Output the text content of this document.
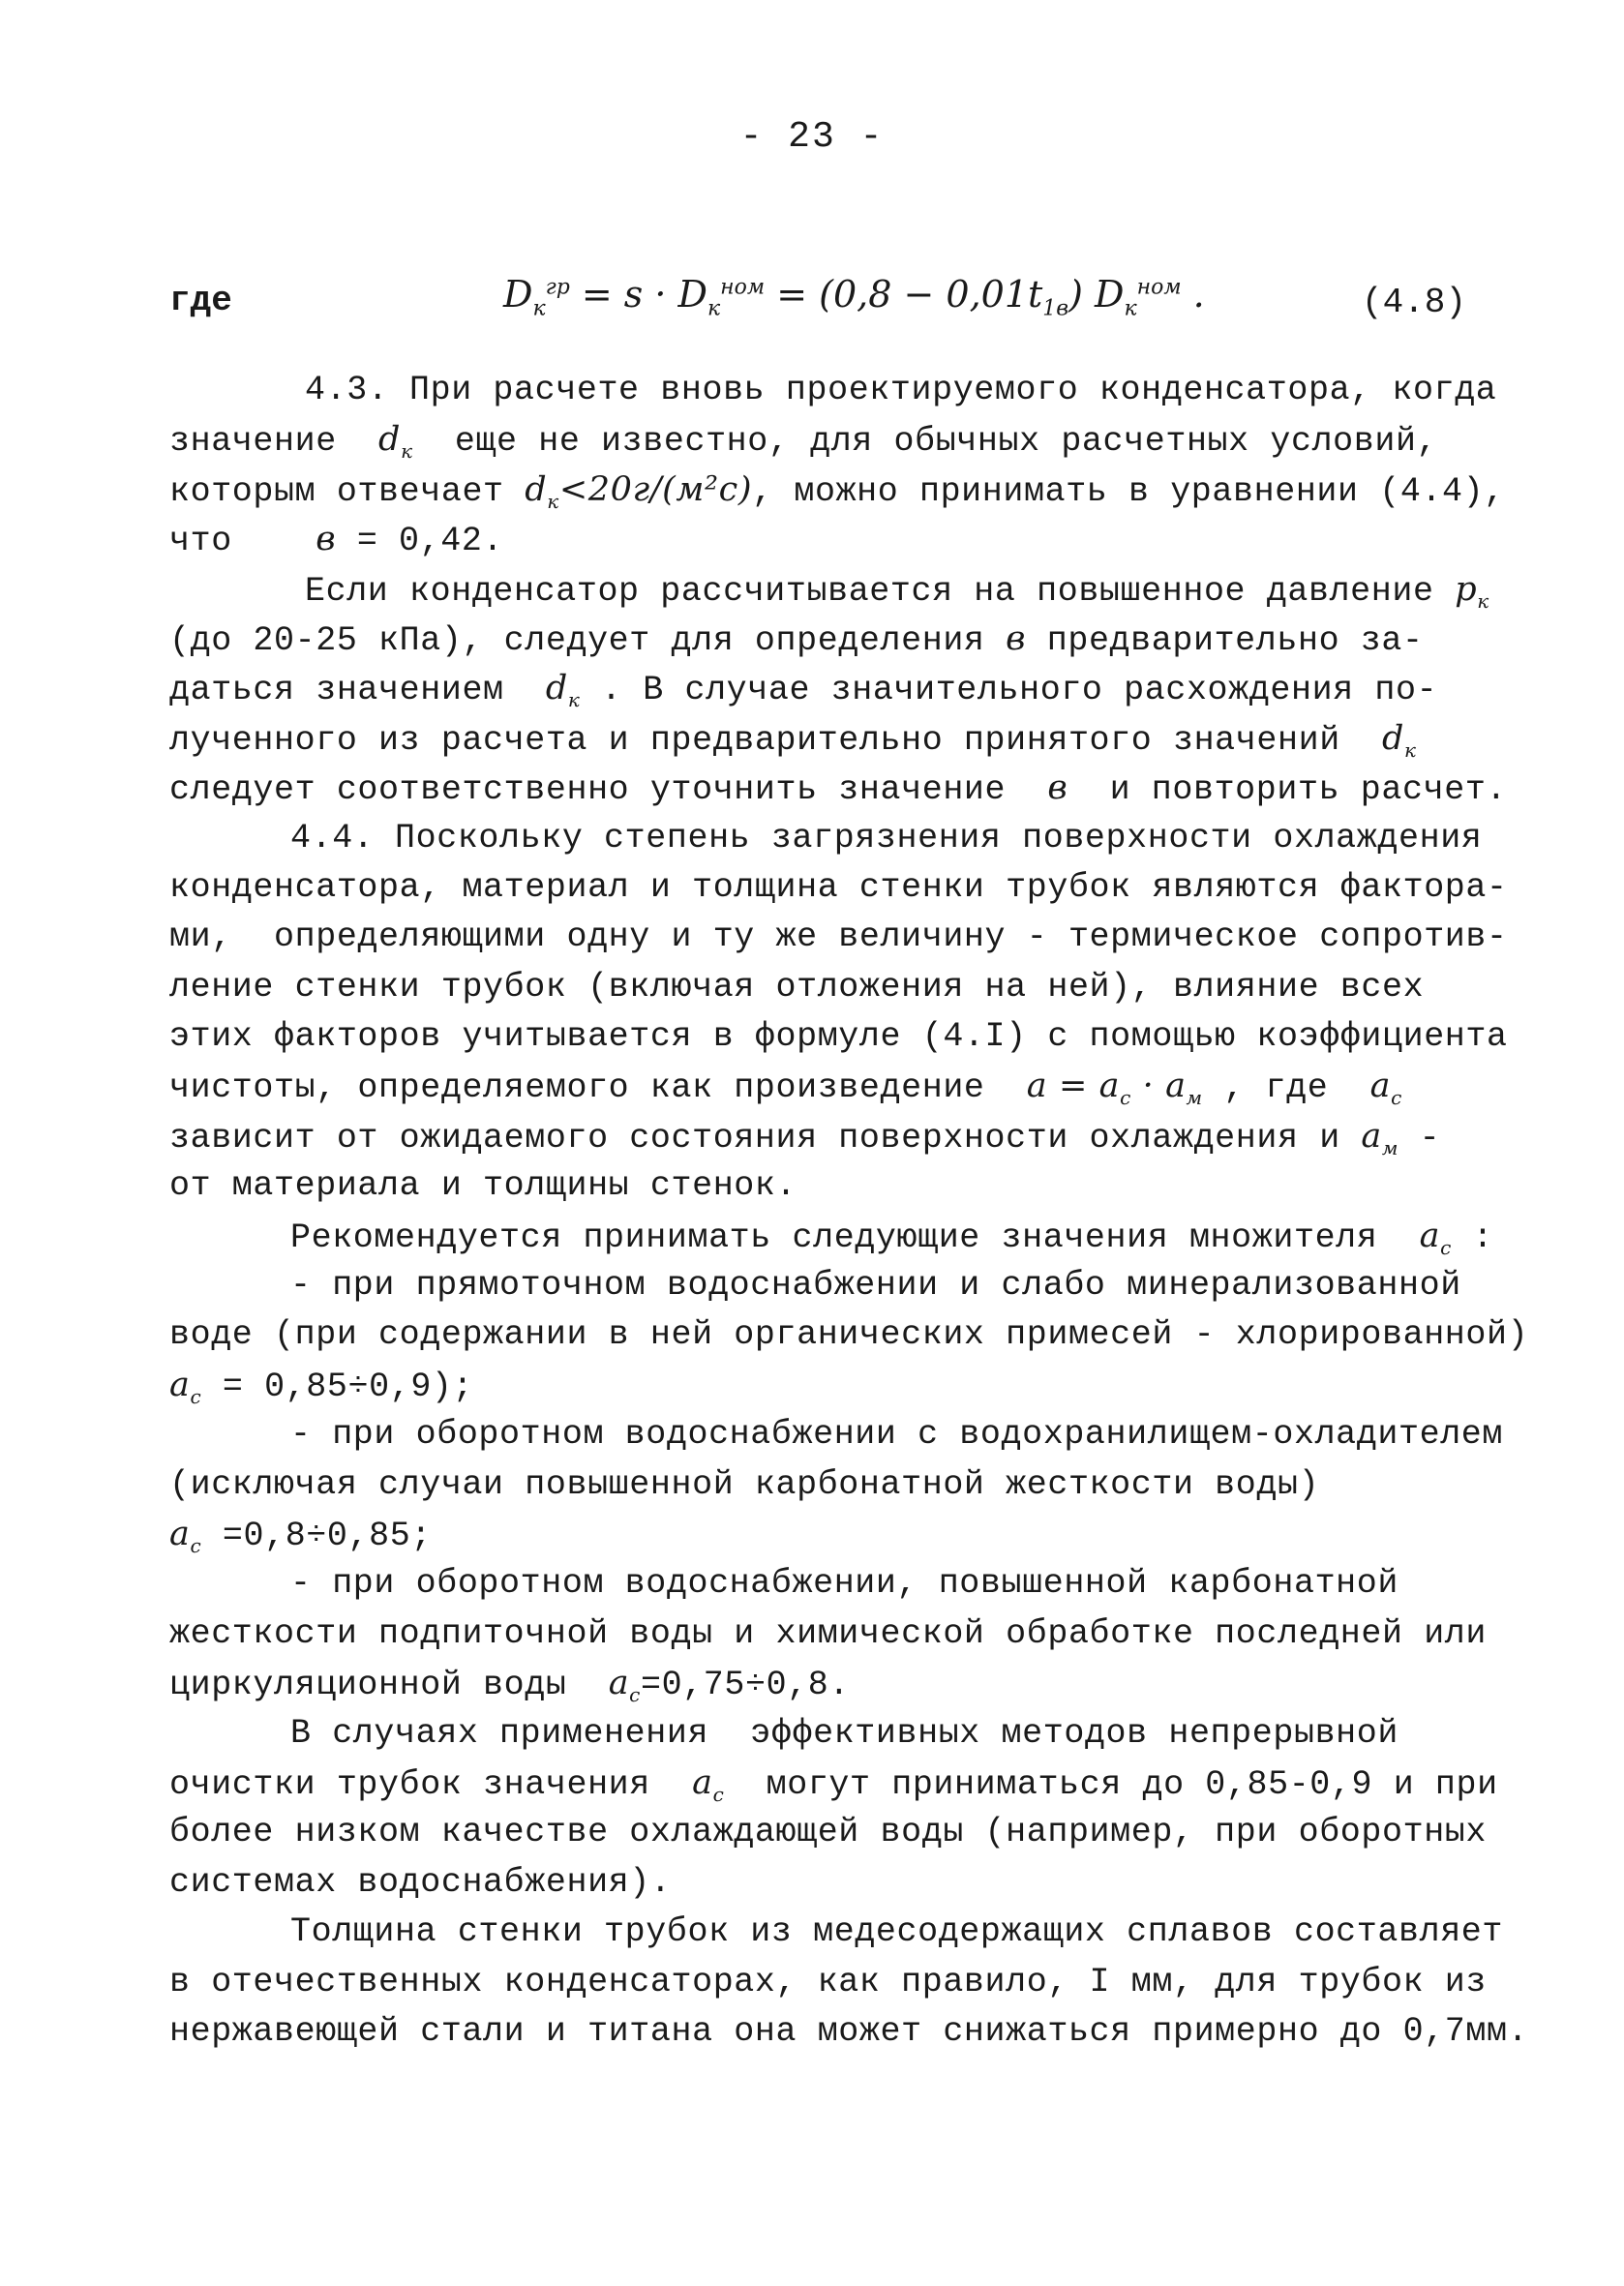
- 23 -
где	$D_к^{гр} = s \cdot D_к^{ном} = (0,8 - 0,01t_{1в})$ $D_к^{ном}$ .	(4.8)
4.3. При расчете вновь проектируемого конденсатора, когда
значение $d_к$ еще не известно, для обычных расчетных условий,
которым отвечает $d_к<20г/(м^2с)$, можно принимать в уравнении (4.4),
что в = 0,42.
Если конденсатор рассчитывается на повышенное давление $p_к$
(до 20-25 кПа), следует для определения в предварительно за-
даться значением $d_к$ . В случае значительного расхождения по-
лученного из расчета и предварительно принятого значений $d_к$
следует соответственно уточнить значение в и повторить расчет.
4.4. Поскольку степень загрязнения поверхности охлаждения
конденсатора, материал и толщина стенки трубок являются факторa-
ми,  определяющими одну и ту же величину - термическое сопротив-
ление стенки трубок (включая отложения на ней), влияние всех
этих факторов учитывается в формуле (4.I) с помощью коэффициента
чистоты, определяемого как произведение $a = a_c \cdot a_м$ , где $a_c$
зависит от ожидаемого состояния поверхности охлаждения и $a_м$ -
от материала и толщины стенок.
Рекомендуется принимать следующие значения множителя $a_c$ :
- при прямоточном водоснабжении и слабо минерализованной
воде (при содержании в ней органических примесей - хлорированной)
$a_c = 0,85\div 0,9$);
- при оборотном водоснабжении с водохранилищем-охладителем
(исключая случаи повышенной карбонатной жесткости воды)
$a_c =0,8\div 0,85$;
- при оборотном водоснабжении, повышенной карбонатной
жесткости подпиточной воды и химической обработке последней или
циркуляционной воды $a_c=0,75\div 0,8$.
В случаях применения  эффективных методов непрерывной
очистки трубок значения $a_c$ могут приниматься до 0,85-0,9 и при
более низком качестве охлаждающей воды (например, при оборотных
системах водоснабжения).
Толщина стенки трубок из медесодержащих сплавов составляет
в отечественных конденсаторах, как правило, I мм, для трубок из
нержавеющей стали и титана она может снижаться примерно до 0,7мм.
